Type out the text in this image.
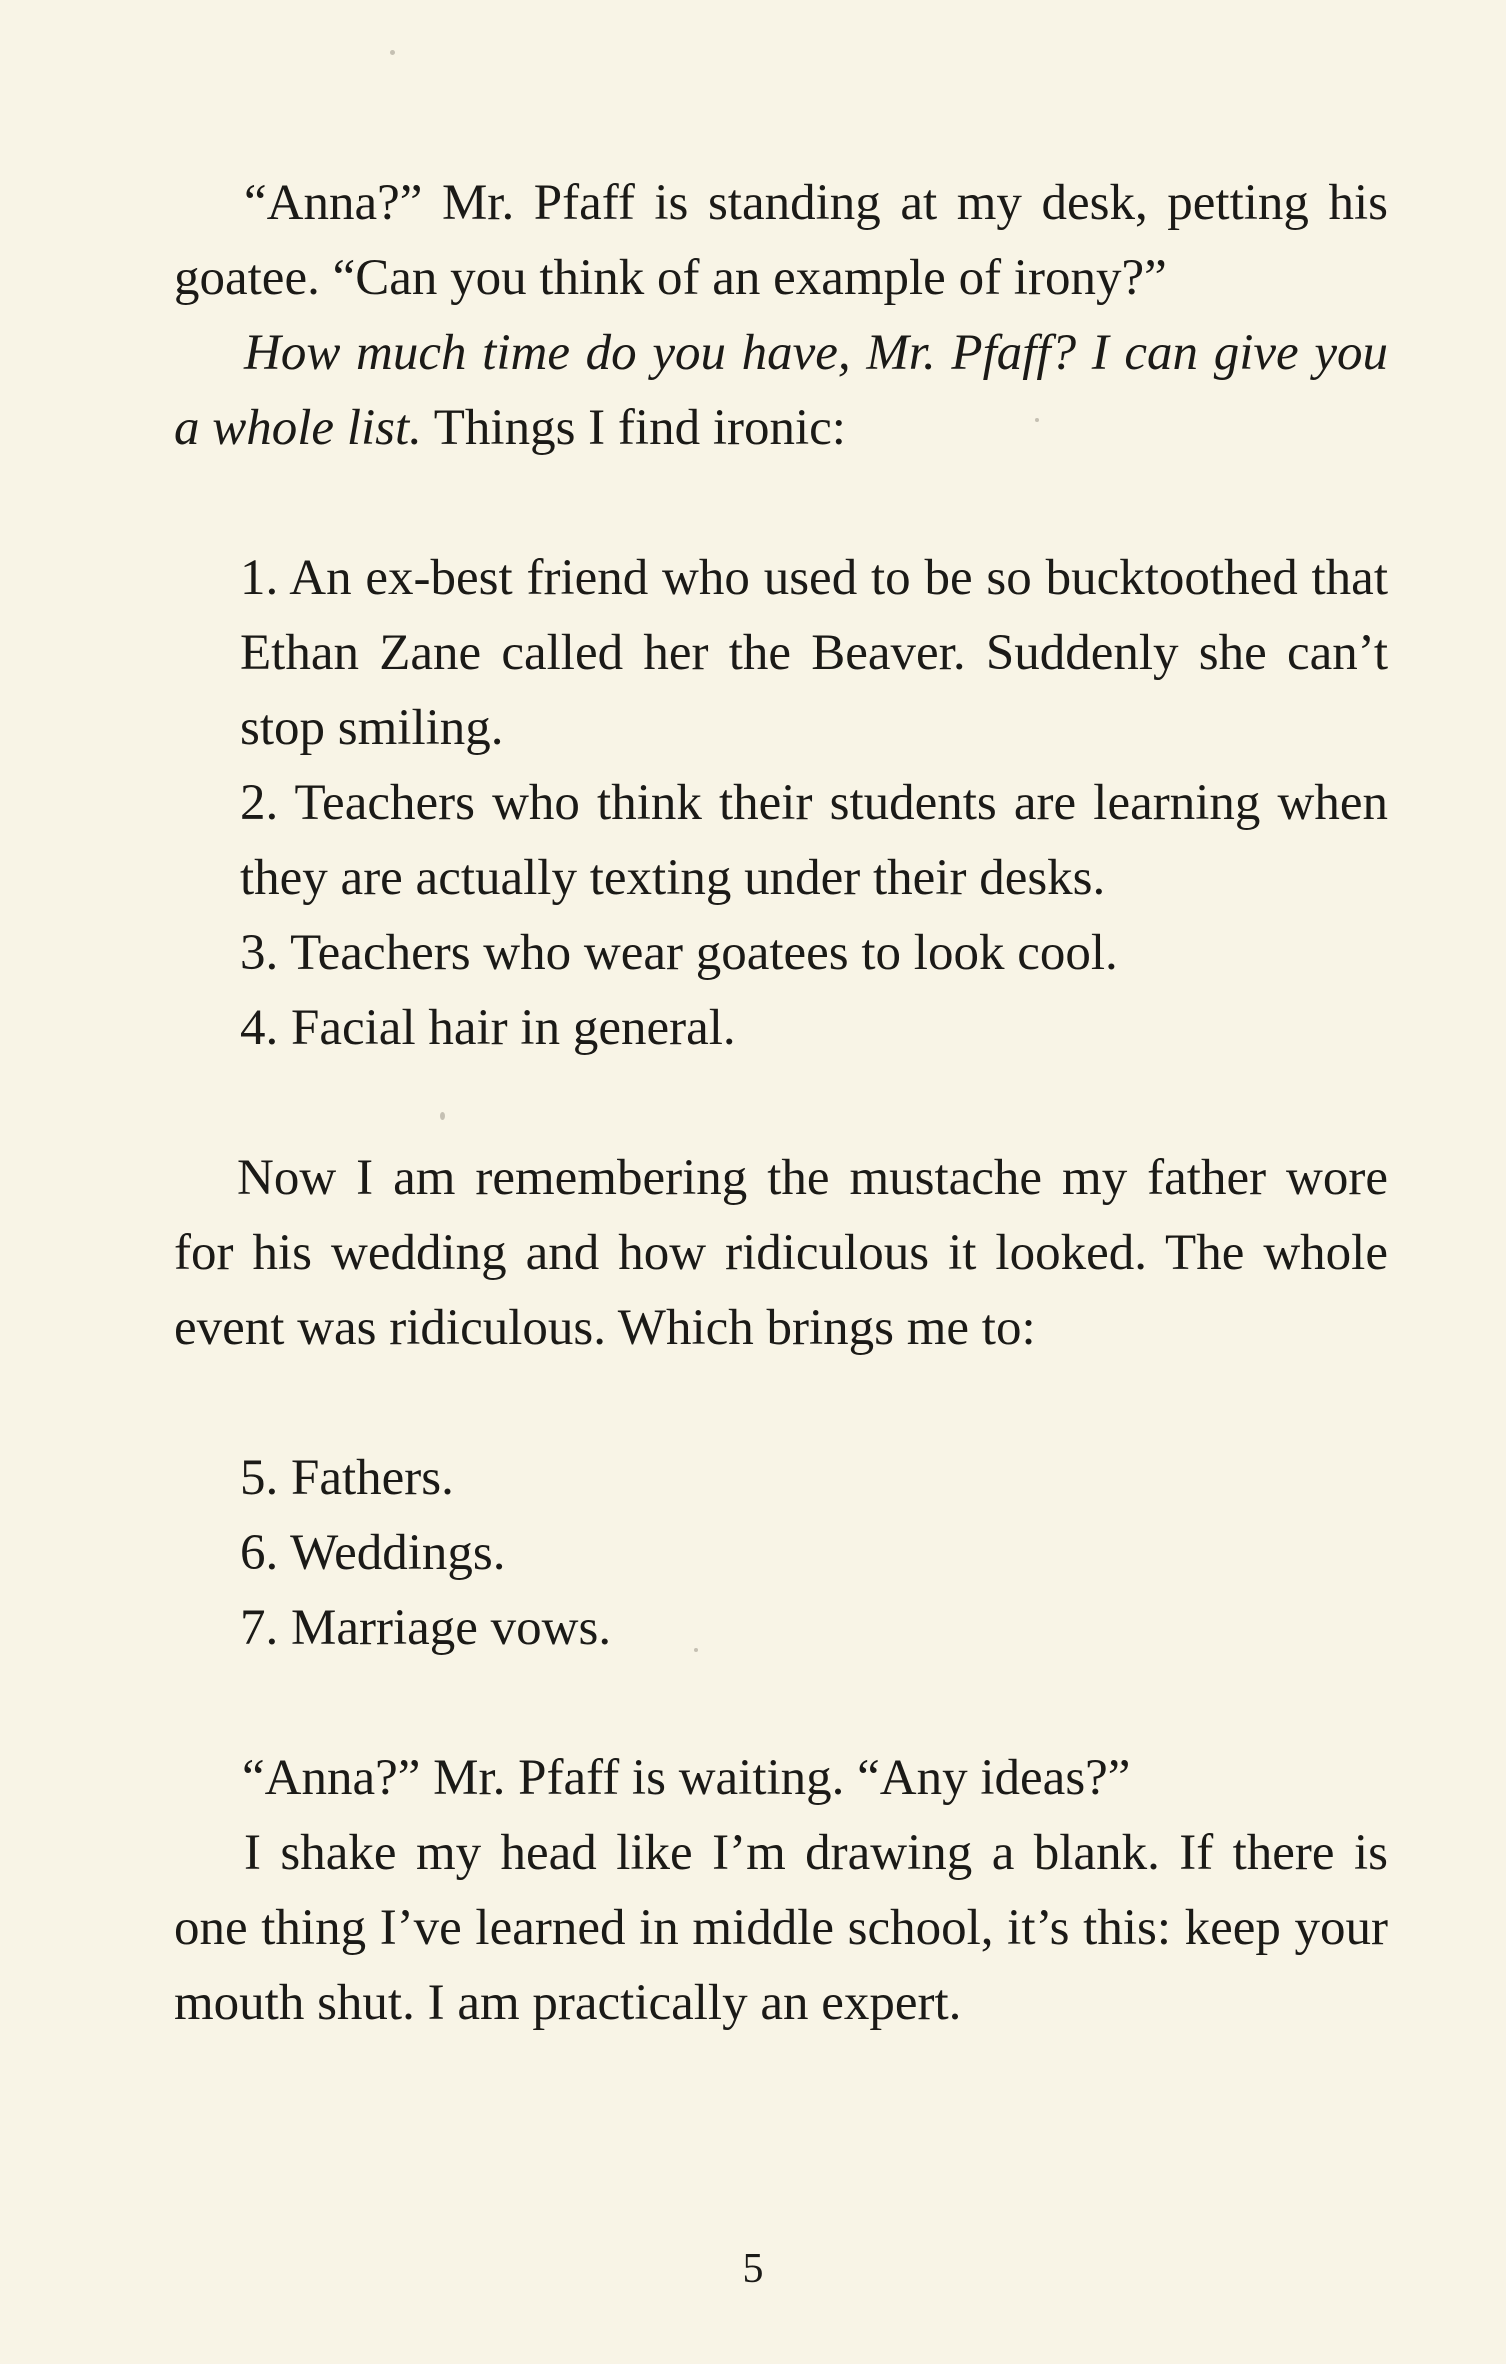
“Anna?” Mr. Pfaff is standing at my desk, petting his goatee. “Can you think of an example of irony?”

How much time do you have, Mr. Pfaff? I can give you a whole list. Things I find ironic:

1. An ex-best friend who used to be so bucktoothed that Ethan Zane called her the Beaver. Suddenly she can’t stop smiling.
2. Teachers who think their students are learning when they are actually texting under their desks.
3. Teachers who wear goatees to look cool.
4. Facial hair in general.

Now I am remembering the mustache my father wore for his wedding and how ridiculous it looked. The whole event was ridiculous. Which brings me to:

5. Fathers.
6. Weddings.
7. Marriage vows.

“Anna?” Mr. Pfaff is waiting. “Any ideas?”

I shake my head like I’m drawing a blank. If there is one thing I’ve learned in middle school, it’s this: keep your mouth shut. I am practically an expert.

5
